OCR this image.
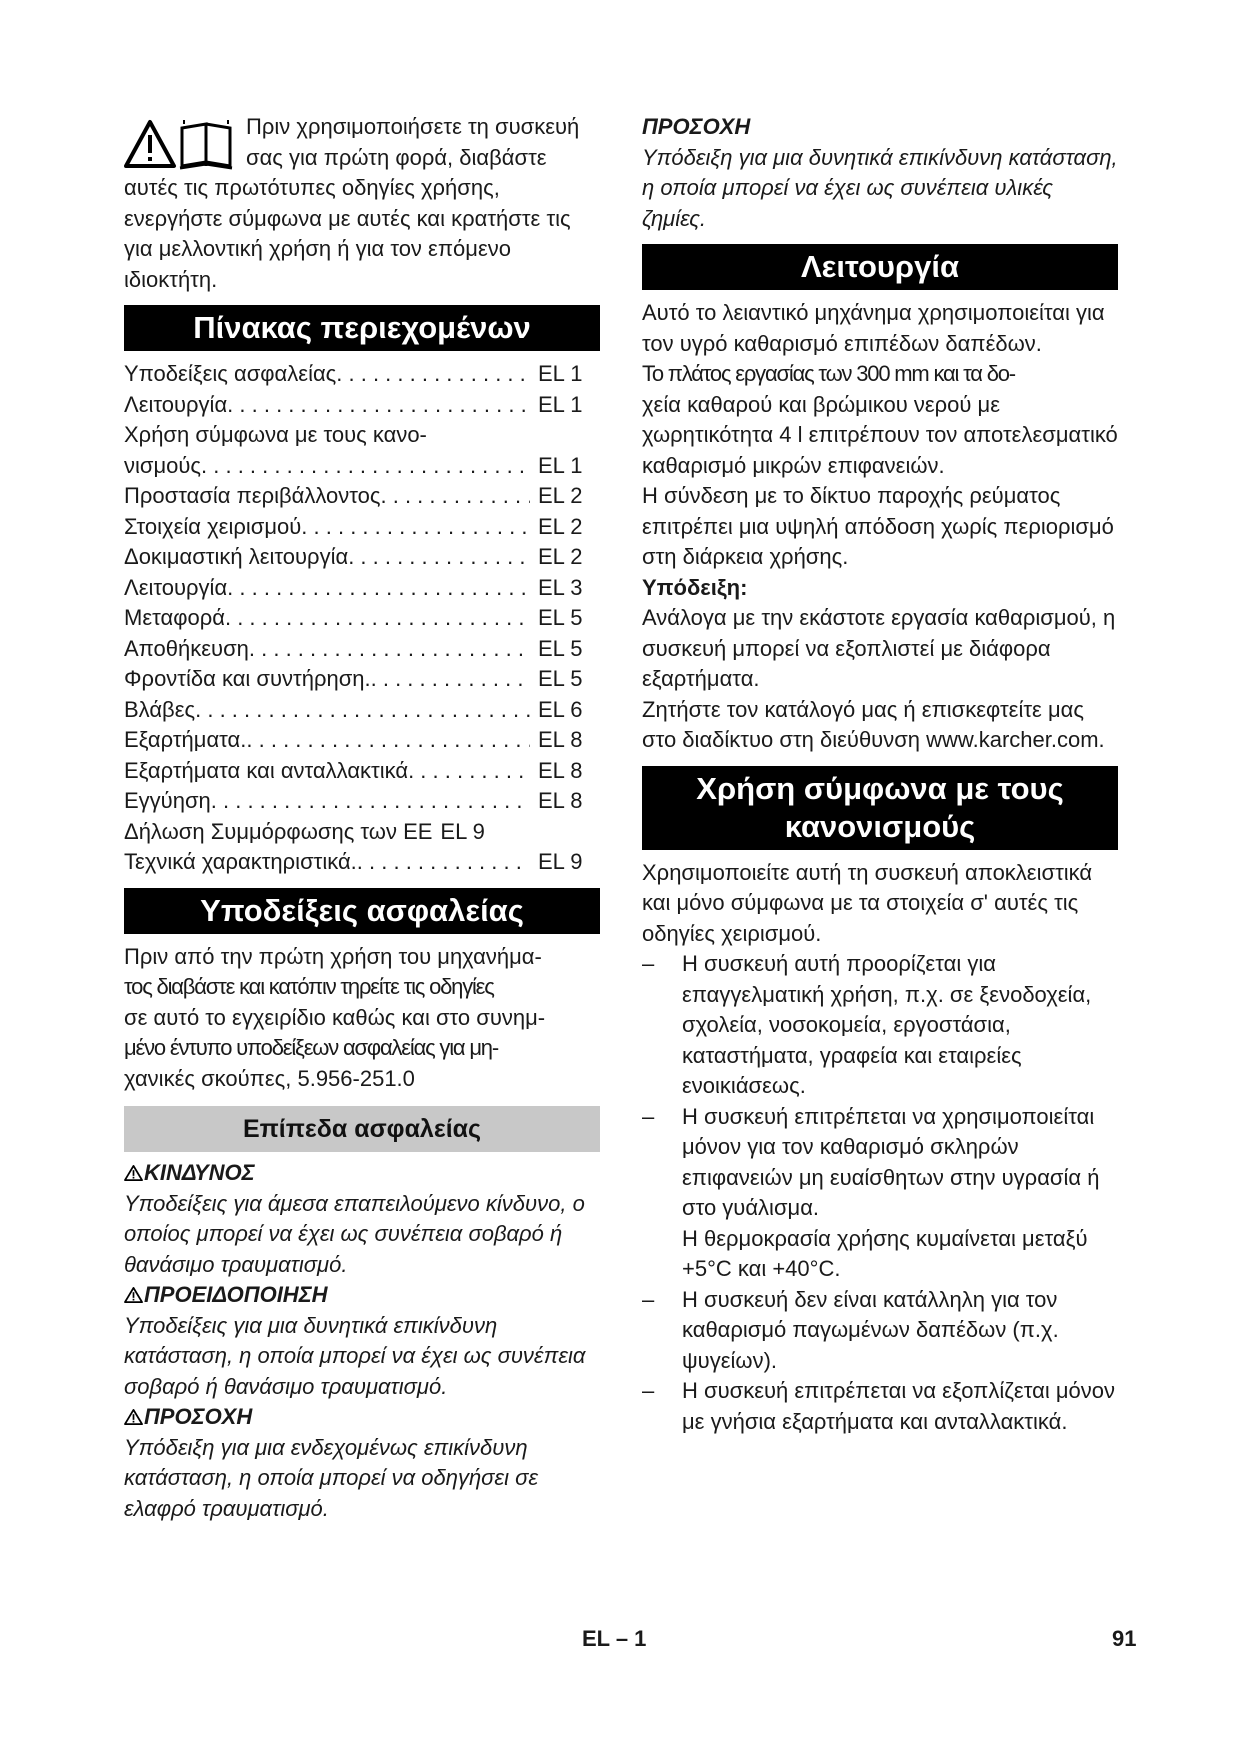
Πριν χρησιμοποιήσετε τη συσκευή σας για πρώτη φορά, διαβάστε αυτές τις πρωτότυπες οδηγίες χρήσης, ενεργήστε σύμφωνα με αυτές και κρατήστε τις για μελλοντική χρήση ή για τον επόμενο ιδιοκτήτη.

Πίνακας περιεχομένων
Υποδείξεις ασφαλείας . . .	EL 1
Λειτουργία . . .	EL 1
Χρήση σύμφωνα με τους κανο-
νισμούς . . .	EL 1
Προστασία περιβάλλοντος . . .	EL 2
Στοιχεία χειρισμού . . .	EL 2
Δοκιμαστική λειτουργία . . .	EL 2
Λειτουργία . . .	EL 3
Μεταφορά . . .	EL 5
Αποθήκευση . . .	EL 5
Φροντίδα και συντήρηση. . . .	EL 5
Βλάβες . . .	EL 6
Εξαρτήματα. . . .	EL 8
Εξαρτήματα και ανταλλακτικά . . .	EL 8
Εγγύηση . . .	EL 8
Δήλωση Συμμόρφωσης των ΕΕ EL 9
Τεχνικά χαρακτηριστικά. . . .	EL 9
Υποδείξεις ασφαλείας

Πριν από την πρώτη χρήση του μηχανήμα-

τος διαβάστε και κατόπιν τηρείτε τις οδηγίες

σε αυτό το εγχειρίδιο καθώς και στο συνημ-

μένο έντυπο υποδείξεων ασφαλείας για μη-

χανικές σκούπες, 5.956-251.0

Επίπεδα ασφαλείας

ΚΙΝΔΥΝΟΣ

Υποδείξεις για άμεσα επαπειλούμενο κίνδυνο, ο οποίος μπορεί να έχει ως συνέπεια σοβαρό ή θανάσιμο τραυματισμό.

ΠΡΟΕΙΔΟΠΟΙΗΣΗ

Υποδείξεις για μια δυνητικά επικίνδυνη κατάσταση, η οποία μπορεί να έχει ως συνέπεια σοβαρό ή θανάσιμο τραυματισμό.

ΠΡΟΣΟΧΗ

Υπόδειξη για μια ενδεχομένως επικίνδυνη κατάσταση, η οποία μπορεί να οδηγήσει σε ελαφρό τραυματισμό.

ΠΡΟΣΟΧΗ

Υπόδειξη για μια δυνητικά επικίνδυνη κατάσταση, η οποία μπορεί να έχει ως συνέπεια υλικές ζημίες.

Λειτουργία

Αυτό το λειαντικό μηχάνημα χρησιμοποιείται για τον υγρό καθαρισμό επιπέδων δαπέδων.

Το πλάτος εργασίας των 300 mm και τα δο-

χεία καθαρού και βρώμικου νερού με χωρητικότητα 4 l επιτρέπουν τον αποτελεσματικό καθαρισμό μικρών επιφανειών.

Η σύνδεση με το δίκτυο παροχής ρεύματος επιτρέπει μια υψηλή απόδοση χωρίς περιορισμό στη διάρκεια χρήσης.

Υπόδειξη:

Ανάλογα με την εκάστοτε εργασία καθαρισμού, η συσκευή μπορεί να εξοπλιστεί με διάφορα εξαρτήματα.

Ζητήστε τον κατάλογό μας ή επισκεφτείτε μας στο διαδίκτυο στη διεύθυνση www.karcher.com.

Χρήση σύμφωνα με τους κανονισμούς

Χρησιμοποιείτε αυτή τη συσκευή αποκλειστικά και μόνο σύμφωνα με τα στοιχεία σ' αυτές τις οδηγίες χειρισμού.

– Η συσκευή αυτή προορίζεται για επαγγελματική χρήση, π.χ. σε ξενοδοχεία, σχολεία, νοσοκομεία, εργοστάσια, καταστήματα, γραφεία και εταιρείες ενοικιάσεως.
– Η συσκευή επιτρέπεται να χρησιμοποιείται μόνον για τον καθαρισμό σκληρών επιφανειών μη ευαίσθητων στην υγρασία ή στο γυάλισμα.
Η θερμοκρασία χρήσης κυμαίνεται μεταξύ +5°C και +40°C.
– Η συσκευή δεν είναι κατάλληλη για τον καθαρισμό παγωμένων δαπέδων (π.χ. ψυγείων).
– Η συσκευή επιτρέπεται να εξοπλίζεται μόνον με γνήσια εξαρτήματα και ανταλλακτικά.
EL – 1	91
